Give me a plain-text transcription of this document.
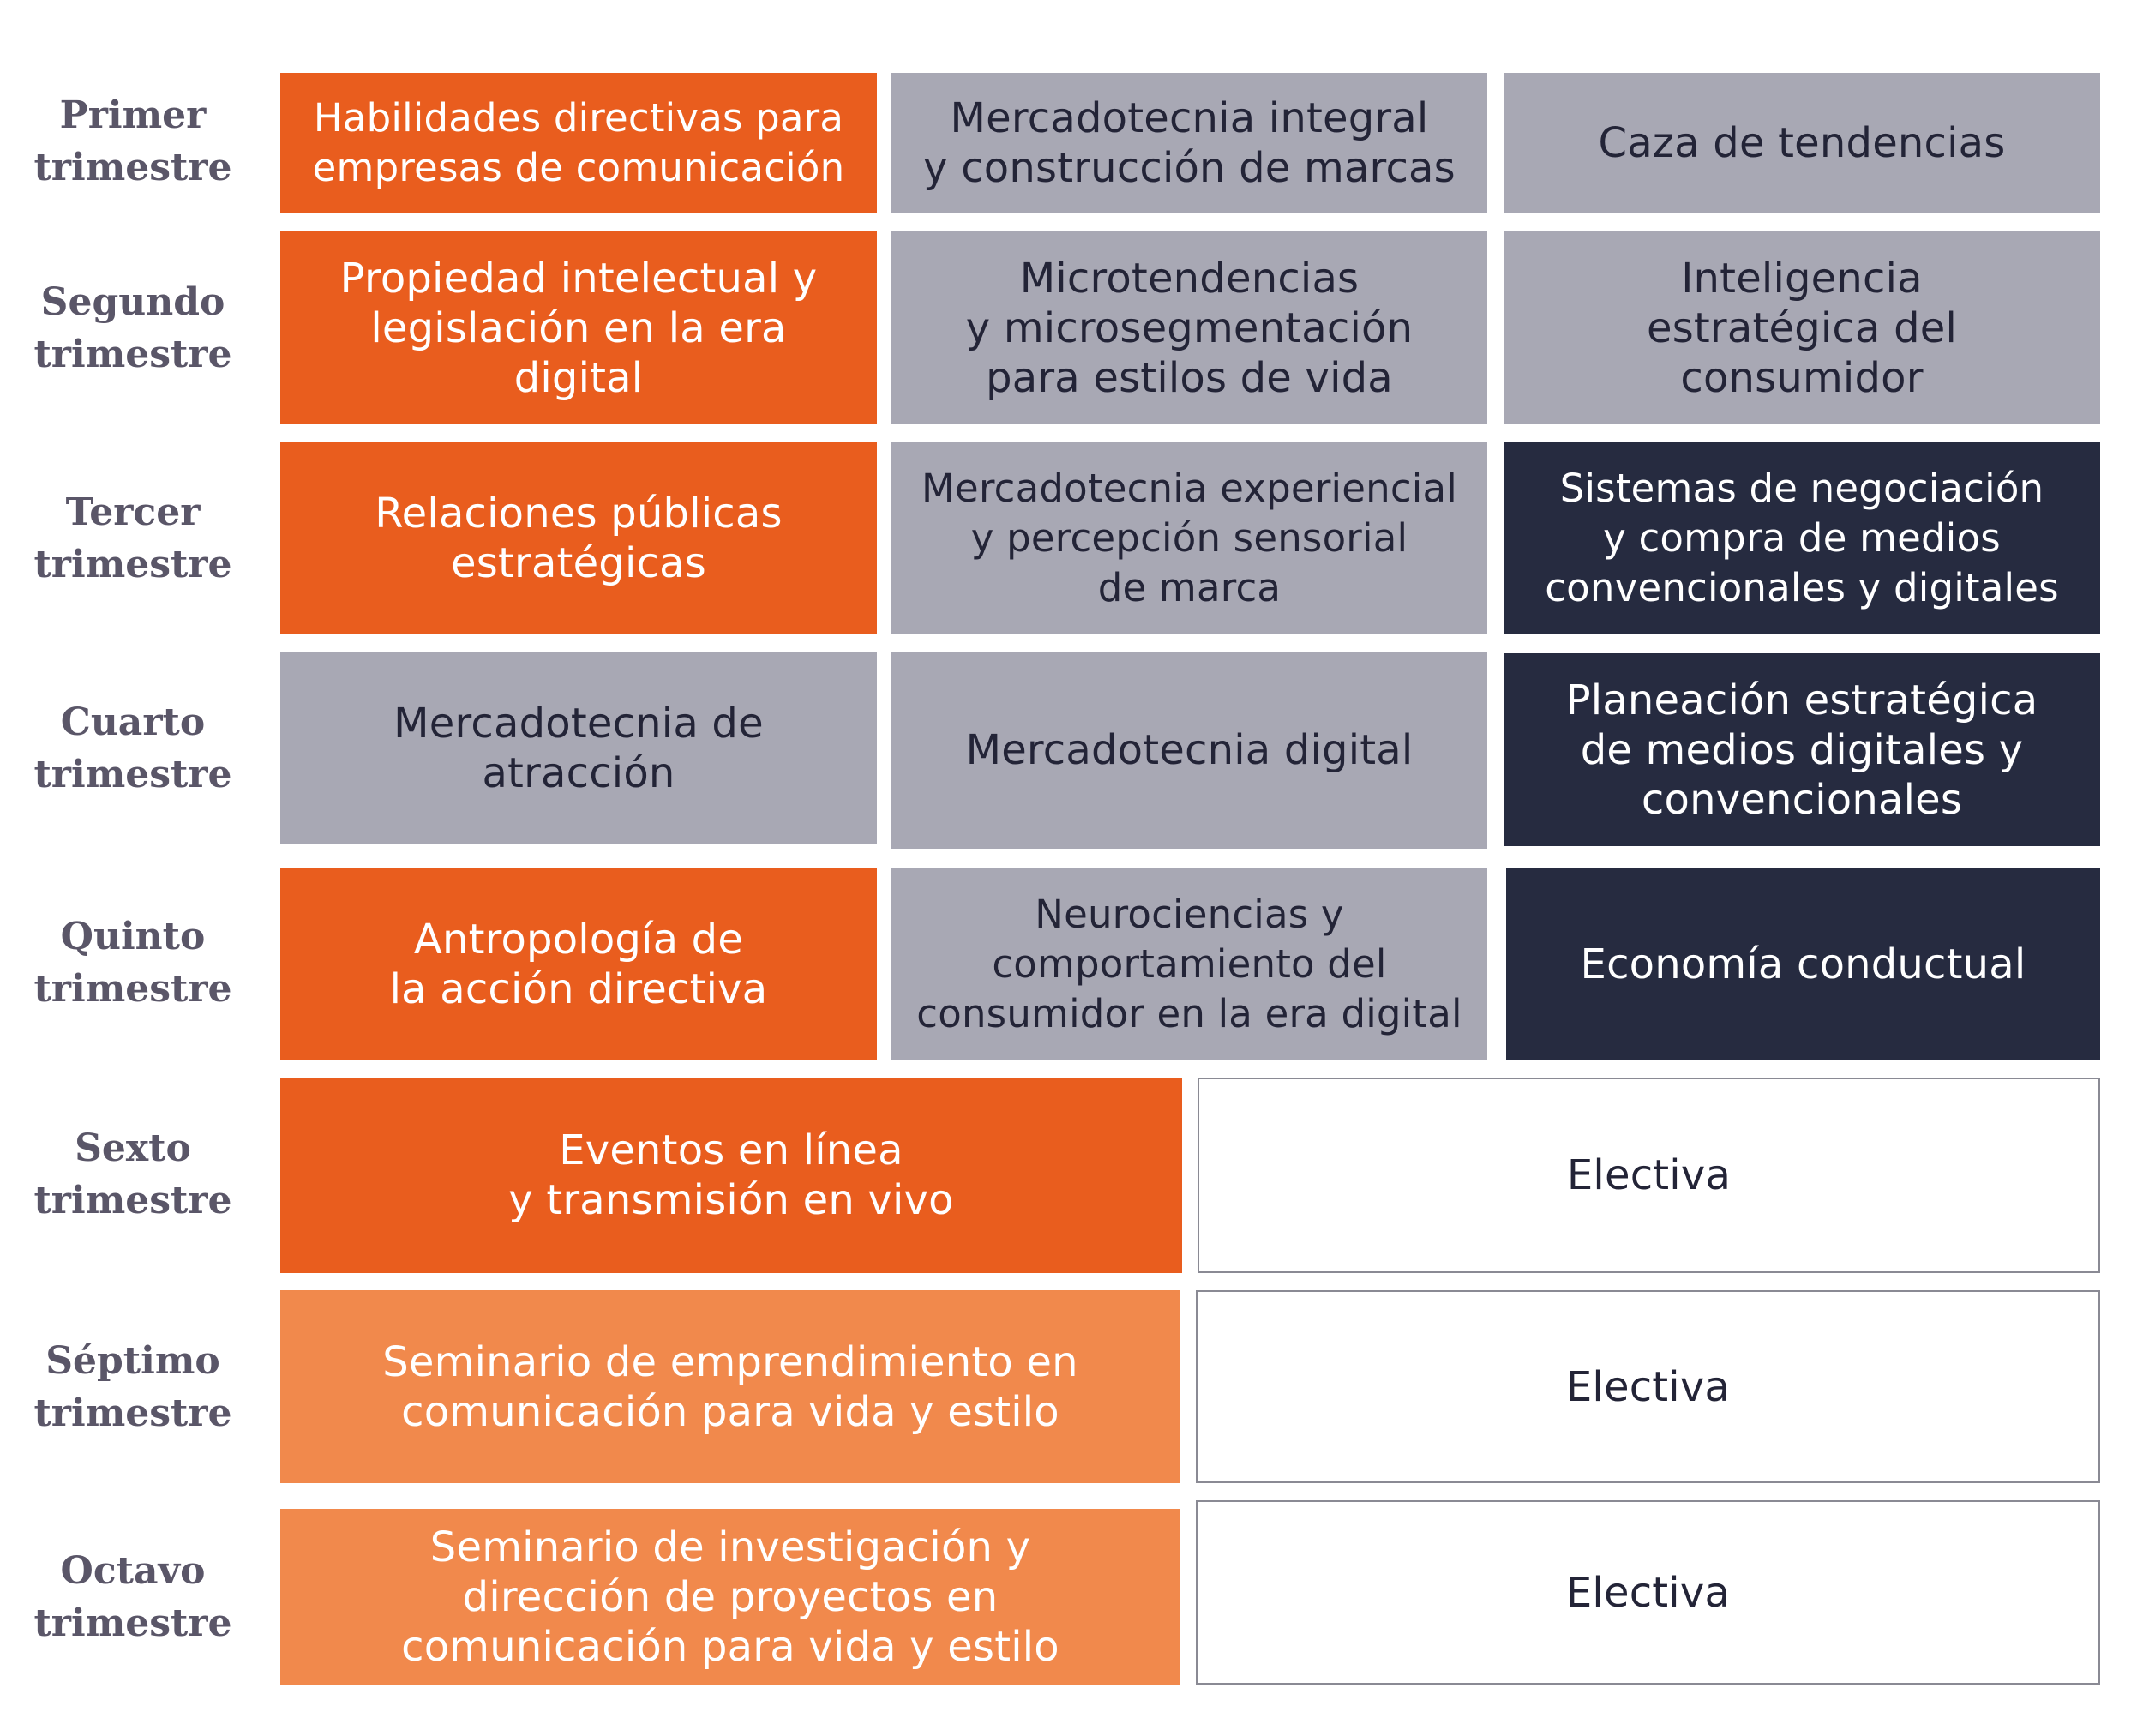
Primer
trimestre
Habilidades directivas para
empresas de comunicación
Mercadotecnia integral
y construcción de marcas
Caza de tendencias
Segundo
trimestre
Propiedad intelectual y
legislación en la era
digital
Microtendencias
y microsegmentación
para estilos de vida
Inteligencia
estratégica del
consumidor
Tercer
trimestre
Relaciones públicas
estratégicas
Mercadotecnia experiencial
y percepción sensorial
de marca
Sistemas de negociación
y compra de medios
convencionales y digitales
Cuarto
trimestre
Mercadotecnia de
atracción	Mercadotecnia digital
Planeación estratégica
de medios digitales y
convencionales
Quinto
trimestre
Antropología de
la acción directiva
Neurociencias y
comportamiento del
consumidor en la era digital
Economía conductual
Sexto
trimestre
Eventos en línea
y transmisión en vivo
Electiva
Séptimo
trimestre
Seminario de emprendimiento en
comunicación para vida y estilo
Electiva
Octavo
trimestre
Seminario de investigación y
dirección de proyectos en
comunicación para vida y estilo
Electiva
